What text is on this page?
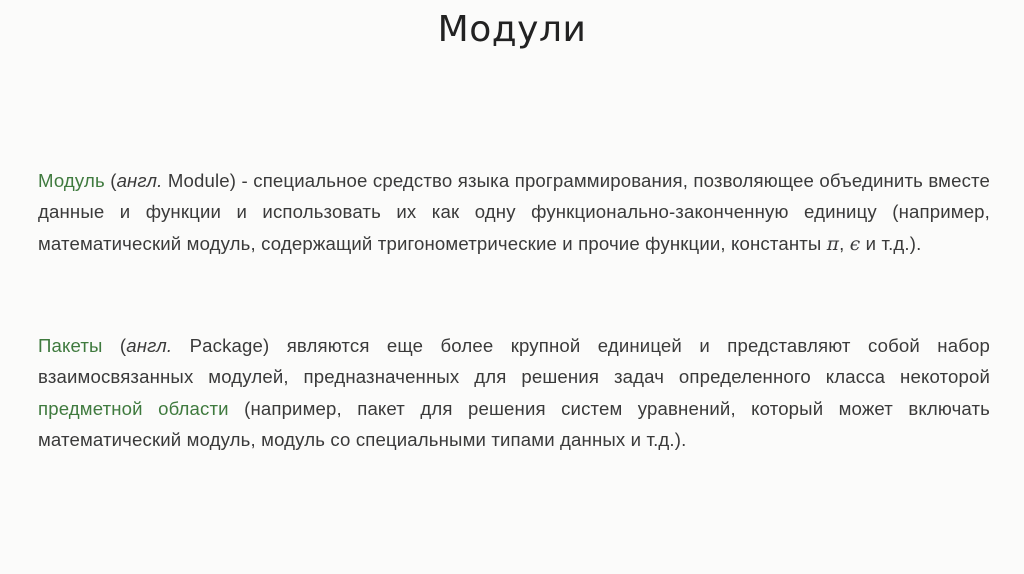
Модули

Модуль (англ. Module) - специальное средство языка программирования, позволяющее объединить вместе данные и функции и использовать их как одну функционально-законченную единицу (например, математический модуль, содержащий тригонометрические и прочие функции, константы π, ϵ и т.д.).

Пакеты (англ. Package) являются еще более крупной единицей и представляют собой набор взаимосвязанных модулей, предназначенных для решения задач определенного класса некоторой предметной области (например, пакет для решения систем уравнений, который может включать математический модуль, модуль со специальными типами данных и т.д.).
